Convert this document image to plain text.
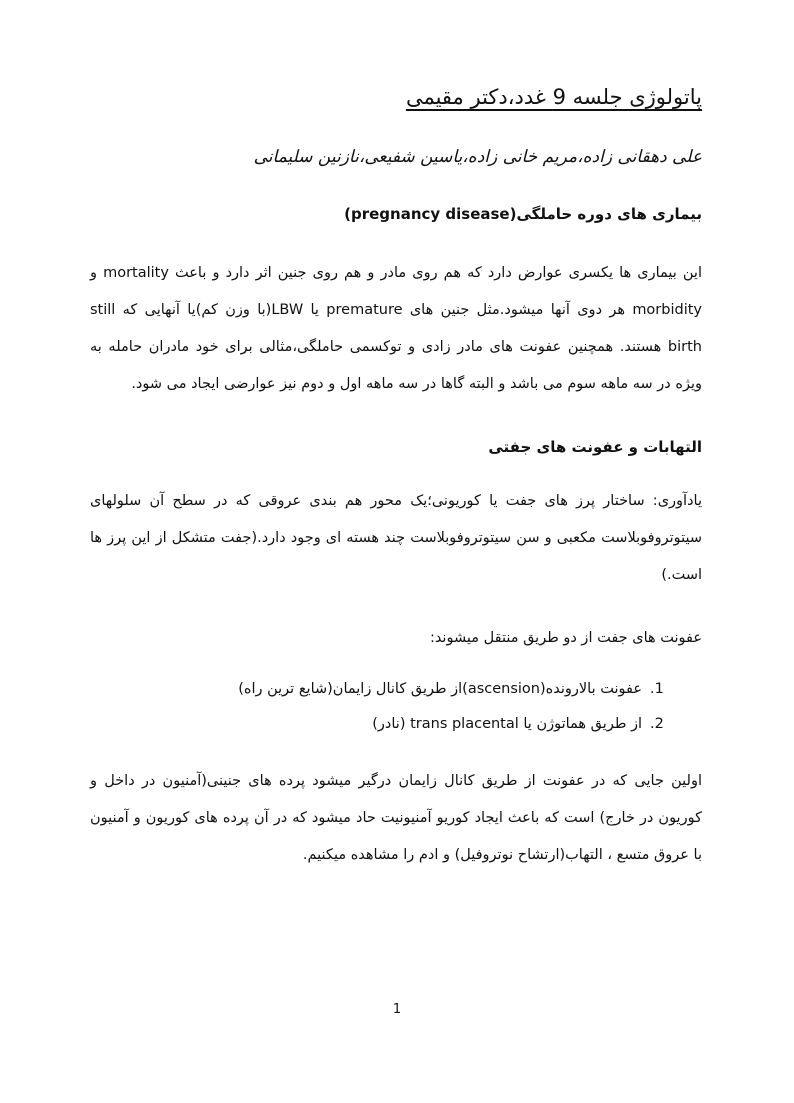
پاتولوژی جلسه 9 غدد،دکتر مقیمی
علی دهقانی زاده،مریم خانی زاده،یاسین شفیعی،نازنین سلیمانی
بیماری های دوره حاملگی(pregnancy disease)
این بیماری ها یکسری عوارض دارد که هم روی مادر و هم روی جنین اثر دارد و باعث mortality و morbidity هر دوی آنها میشود.مثل جنین های premature یا LBW(با وزن کم)یا آنهایی که still birth هستند. همچنین عفونت های مادر زادی و توکسمی حاملگی،مثالی برای خود مادران حامله به ویژه در سه ماهه سوم می باشد و البته گاها در سه ماهه اول و دوم نیز عوارضی ایجاد می شود.
التهابات و عفونت های جفتی
یادآوری: ساختار پرز های جفت یا کوریونی؛یک محور هم بندی عروقی که در سطح آن سلولهای سیتوتروفوبلاست مکعبی و سن سیتوتروفوبلاست چند هسته ای وجود دارد.(جفت متشکل از این پرز ها است.)
عفونت های جفت از دو طریق منتقل میشوند:
1.
عفونت بالارونده(ascension)از طریق کانال زایمان(شایع ترین راه)
2.
از طریق هماتوژن یا trans placental (نادر)
اولین جایی که در عفونت از طریق کانال زایمان درگیر میشود پرده های جنینی(آمنیون در داخل و کوریون در خارج) است که باعث ایجاد کوریو آمنیونیت حاد میشود که در آن پرده های کوریون و آمنیون با عروق متسع ، التهاب(ارتشاح نوتروفیل) و ادم را مشاهده میکنیم.
1
